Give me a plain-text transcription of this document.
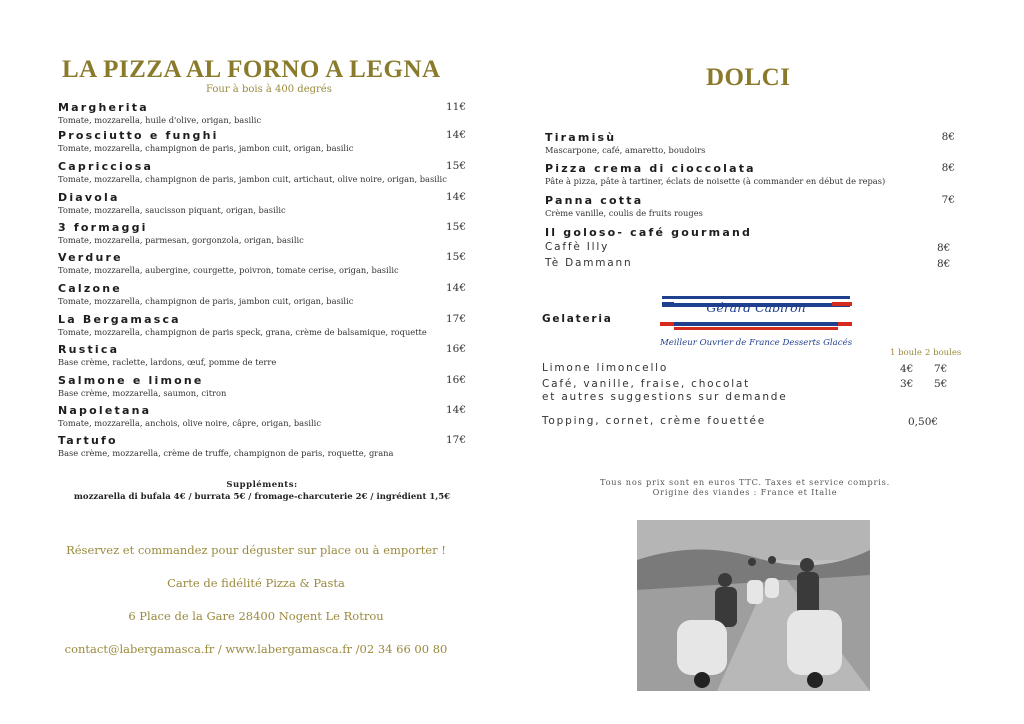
LA PIZZA AL FORNO A LEGNA
Four à bois à 400 degrés
Margherita
Tomate, mozzarella, huile d'olive, origan, basilic
11€
Prosciutto e funghi
Tomate, mozzarella, champignon de paris, jambon cuit, origan, basilic
14€
Capricciosa
Tomate, mozzarella, champignon de paris, jambon cuit, artichaut, olive noire, origan, basilic
15€
Diavola
Tomate, mozzarella, saucisson piquant, origan, basilic
14€
3 formaggi
Tomate, mozzarella, parmesan, gorgonzola, origan, basilic
15€
Verdure
Tomate, mozzarella, aubergine, courgette, poivron, tomate cerise, origan, basilic
15€
Calzone
Tomate, mozzarella, champignon de paris, jambon cuit, origan, basilic
14€
La Bergamasca
Tomate, mozzarella, champignon de paris speck, grana, crème de balsamique, roquette
17€
Rustica
Base crème, raclette, lardons, œuf, pomme de terre
16€
Salmone e limone
Base crème, mozzarella, saumon, citron
16€
Napoletana
Tomate, mozzarella, anchois, olive noire, câpre, origan, basilic
14€
Tartufo
Base crème, mozzarella, crème de truffe, champignon de paris, roquette, grana
17€
Suppléments:
mozzarella di bufala 4€ / burrata 5€ / fromage-charcuterie 2€ / ingrédient 1,5€
Réservez et commandez pour déguster sur place ou à emporter !
Carte de fidélité Pizza & Pasta
6 Place de la Gare 28400 Nogent Le Rotrou
contact@labergamasca.fr / www.labergamasca.fr /02 34 66 00 80
DOLCI
Tiramisù
Mascarpone, café, amaretto, boudoirs
8€
Pizza crema di cioccolata
Pâte à pizza, pâte à tartiner, éclats de noisette (à commander en début de repas)
8€
Panna cotta
Crème vanille, coulis de fruits rouges
7€
Il goloso- café gourmand
Caffè Illy	8€
Tè Dammann	8€
Gelateria
Gérard Cabiron
Meilleur Ouvrier de France Desserts Glacés
1 boule 2 boules
Limone limoncello	4€ 7€
Café, vanille, fraise, chocolat	3€ 5€
et autres suggestions sur demande
Topping, cornet, crème fouettée	0,50€
Tous nos prix sont en euros TTC. Taxes et service compris.
Origine des viandes : France et Italie
